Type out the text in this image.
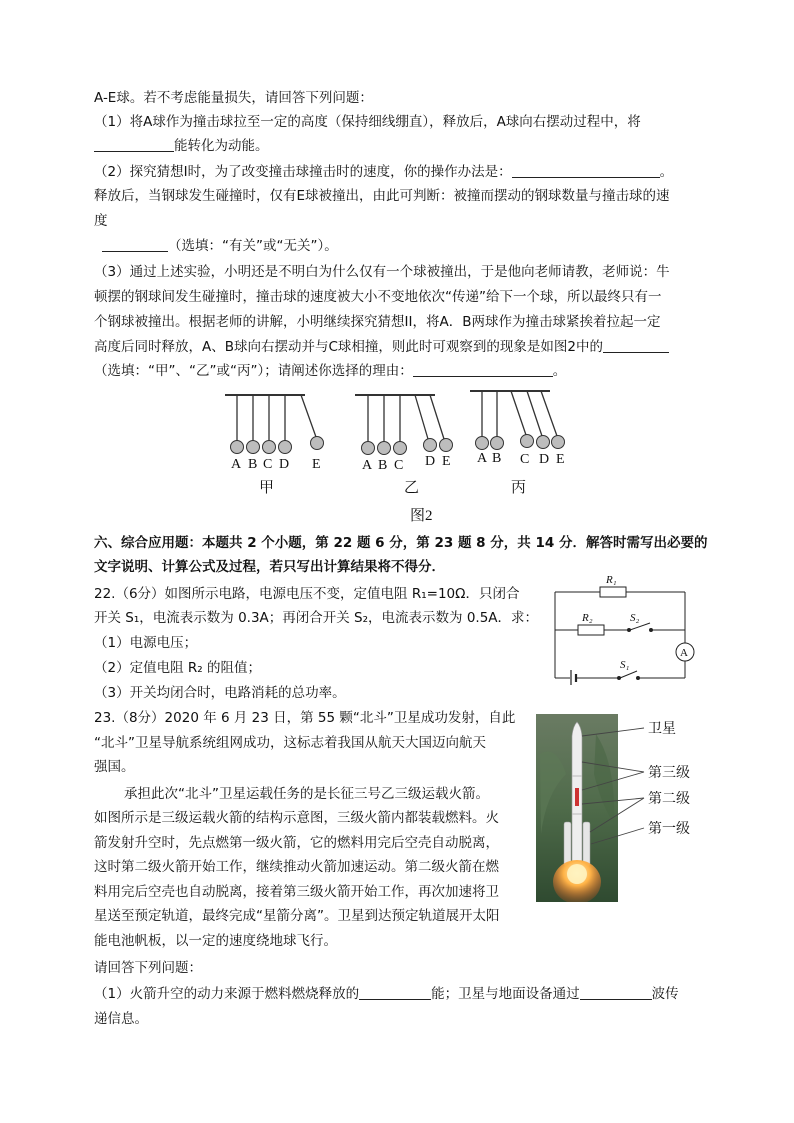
A-E球。若不考虑能量损失，请回答下列问题：
（1）将A球作为撞击球拉至一定的高度（保持细线绷直），释放后，A球向右摆动过程中，将
能转化为动能。
（2）探究猜想Ⅰ时，为了改变撞击球撞击时的速度，你的操作办法是：	。
释放后，当钢球发生碰撞时，仅有E球被撞出，由此可判断：被撞而摆动的钢球数量与撞击球的速
度
（选填：“有关”或“无关”）。
（3）通过上述实验，小明还是不明白为什么仅有一个球被撞出，于是他向老师请教，老师说：牛
顿摆的钢球间发生碰撞时，撞击球的速度被大小不变地依次“传递”给下一个球，所以最终只有一
个钢球被撞出。根据老师的讲解，小明继续探究猜想II，将A．B两球作为撞击球紧挨着拉起一定
高度后同时释放，A、B球向右摆动并与C球相撞，则此时可观察到的现象是如图2中的
（选填：“甲”、“乙”或“丙”）；请阐述你选择的理由：	。
A B C D E	A B C D E A B C D E
甲	乙	丙
图2
六、综合应用题：本题共 2 个小题，第 22 题 6 分，第 23 题 8 分，共 14 分．解答时需写出必要的
文字说明、计算公式及过程，若只写出计算结果将不得分．
22.（6分）如图所示电路，电源电压不变，定值电阻 R₁=10Ω．只闭合
开关 S₁，电流表示数为 0.3A；再闭合开关 S₂，电流表示数为 0.5A．求：
（1）电源电压；
（2）定值电阻 R₂ 的阻值；
（3）开关均闭合时，电路消耗的总功率。
R₁
R₂	S₂
S₁
A
23.（8分）2020 年 6 月 23 日，第 55 颗“北斗”卫星成功发射，自此
“北斗”卫星导航系统组网成功，这标志着我国从航天大国迈向航天
强国。
承担此次“北斗”卫星运载任务的是长征三号乙三级运载火箭。
如图所示是三级运载火箭的结构示意图，三级火箭内都装载燃料。火
箭发射升空时，先点燃第一级火箭，它的燃料用完后空壳自动脱离，
这时第二级火箭开始工作，继续推动火箭加速运动。第二级火箭在燃
料用完后空壳也自动脱离，接着第三级火箭开始工作，再次加速将卫
星送至预定轨道，最终完成“星箭分离”。卫星到达预定轨道展开太阳
能电池帆板，以一定的速度绕地球飞行。
请回答下列问题：
（1）火箭升空的动力来源于燃料燃烧释放的	能；卫星与地面设备通过	波传
递信息。
卫星
第三级
第二级
第一级
